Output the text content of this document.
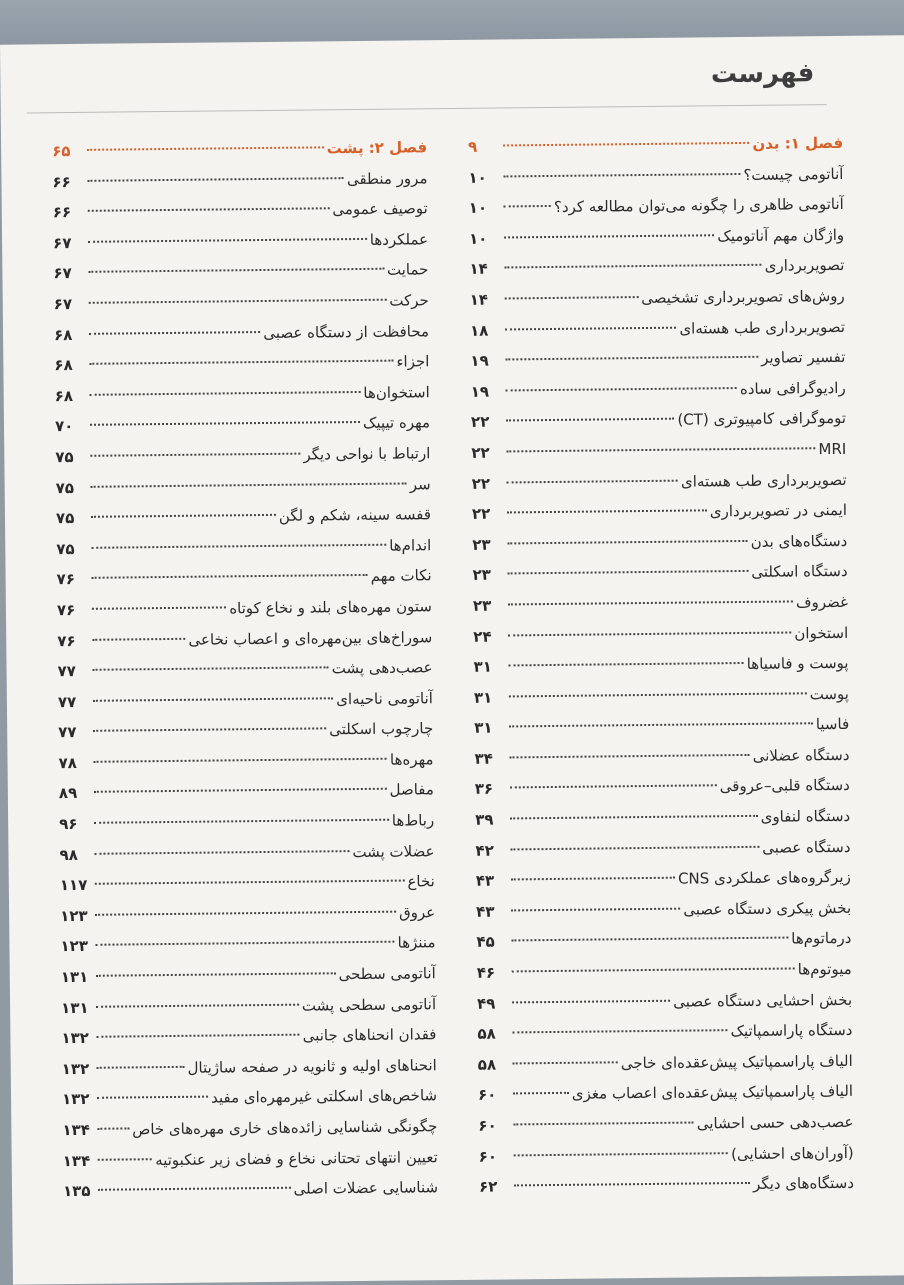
فهرست
فصل ۱: بدن
۹
آناتومی چیست؟
۱۰
آناتومی ظاهری را چگونه می‌توان مطالعه کرد؟
۱۰
واژگان مهم آناتومیک
۱۰
تصویربرداری
۱۴
روش‌های تصویربرداری تشخیصی
۱۴
تصویربرداری طب هسته‌ای
۱۸
تفسیر تصاویر
۱۹
رادیوگرافی ساده
۱۹
توموگرافی کامپیوتری (CT)
۲۲
MRI
۲۲
تصویربرداری طب هسته‌ای
۲۲
ایمنی در تصویربرداری
۲۲
دستگاه‌های بدن
۲۳
دستگاه اسکلتی
۲۳
غضروف
۲۳
استخوان
۲۴
پوست و فاسیاها
۳۱
پوست
۳۱
فاسیا
۳۱
دستگاه عضلانی
۳۴
دستگاه قلبی–عروقی
۳۶
دستگاه لنفاوی
۳۹
دستگاه عصبی
۴۲
زیرگروه‌های عملکردی CNS
۴۳
بخش پیکری دستگاه عصبی
۴۳
درماتوم‌ها
۴۵
میوتوم‌ها
۴۶
بخش احشایی دستگاه عصبی
۴۹
دستگاه پاراسمپاتیک
۵۸
الیاف پاراسمپاتیک پیش‌عقده‌ای خاجی
۵۸
الیاف پاراسمپاتیک پیش‌عقده‌ای اعصاب مغزی
۶۰
عصب‌دهی حسی احشایی
۶۰
(آوران‌های احشایی)
۶۰
دستگاه‌های دیگر
۶۲
فصل ۲: پشت
۶۵
مرور منطقی
۶۶
توصیف عمومی
۶۶
عملکردها
۶۷
حمایت
۶۷
حرکت
۶۷
محافظت از دستگاه عصبی
۶۸
اجزاء
۶۸
استخوان‌ها
۶۸
مهره تیپیک
۷۰
ارتباط با نواحی دیگر
۷۵
سر
۷۵
قفسه سینه، شکم و لگن
۷۵
اندام‌ها
۷۵
نکات مهم
۷۶
ستون مهره‌های بلند و نخاع کوتاه
۷۶
سوراخ‌های بین‌مهره‌ای و اعصاب نخاعی
۷۶
عصب‌دهی پشت
۷۷
آناتومی ناحیه‌ای
۷۷
چارچوب اسکلتی
۷۷
مهره‌ها
۷۸
مفاصل
۸۹
رباط‌ها
۹۶
عضلات پشت
۹۸
نخاع
۱۱۷
عروق
۱۲۳
مننژها
۱۲۳
آناتومی سطحی
۱۳۱
آناتومی سطحی پشت
۱۳۱
فقدان انحناهای جانبی
۱۳۲
انحناهای اولیه و ثانویه در صفحه ساژیتال
۱۳۲
شاخص‌های اسکلتی غیرمهره‌ای مفید
۱۳۲
چگونگی شناسایی زائده‌های خاری مهره‌های خاص
۱۳۴
تعیین انتهای تحتانی نخاع و فضای زیر عنکبوتیه
۱۳۴
شناسایی عضلات اصلی
۱۳۵
